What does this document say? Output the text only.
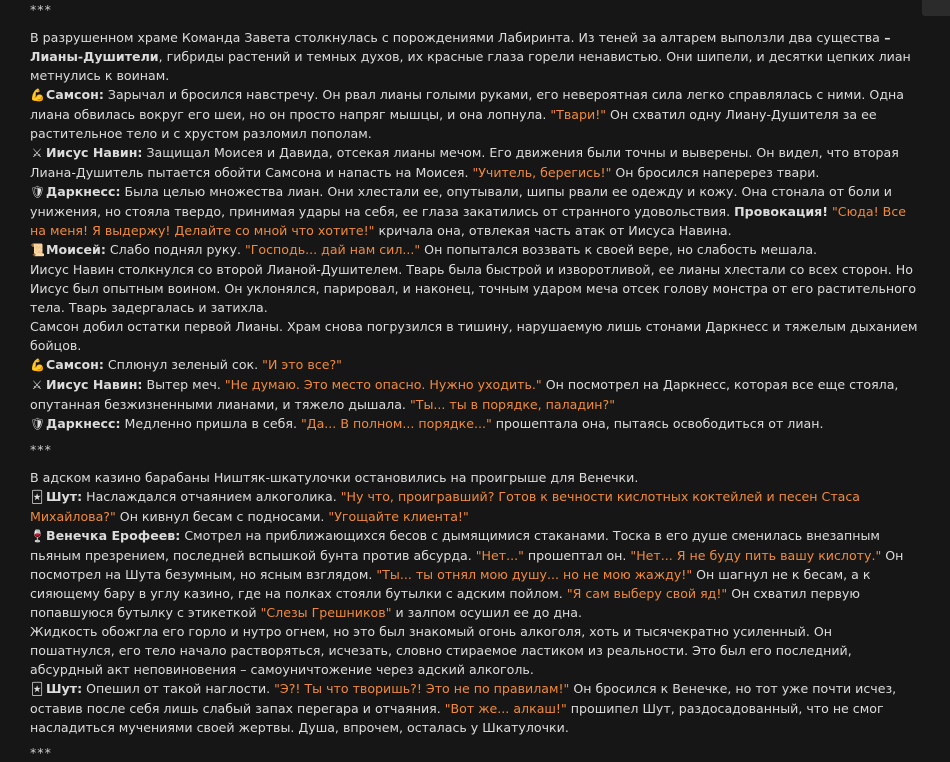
***

В разрушенном храме Команда Завета столкнулась с порождениями Лабиринта. Из теней за алтарем выползли два существа – Лианы-Душители, гибриды растений и темных духов, их красные глаза горели ненавистью. Они шипели, и десятки цепких лиан метнулись к воинам.

💪Самсон: Зарычал и бросился навстречу. Он рвал лианы голыми руками, его невероятная сила легко справлялась с ними. Одна лиана обвилась вокруг его шеи, но он просто напряг мышцы, и она лопнула. "Твари!" Он схватил одну Лиану-Душителя за ее растительное тело и с хрустом разломил пополам.

⚔ Иисус Навин: Защищал Моисея и Давида, отсекая лианы мечом. Его движения были точны и выверены. Он видел, что вторая Лиана-Душитель пытается обойти Самсона и напасть на Моисея. "Учитель, берегись!" Он бросился наперерез твари.

🛡Даркнесс: Была целью множества лиан. Они хлестали ее, опутывали, шипы рвали ее одежду и кожу. Она стонала от боли и унижения, но стояла твердо, принимая удары на себя, ее глаза закатились от странного удовольствия. Провокация! "Сюда! Все на меня! Я выдержу! Делайте со мной что хотите!" кричала она, отвлекая часть атак от Иисуса Навина.

📜Моисей: Слабо поднял руку. "Господь... дай нам сил..." Он попытался воззвать к своей вере, но слабость мешала.

Иисус Навин столкнулся со второй Лианой-Душителем. Тварь была быстрой и изворотливой, ее лианы хлестали со всех сторон. Но Иисус был опытным воином. Он уклонялся, парировал, и наконец, точным ударом меча отсек голову монстра от его растительного тела. Тварь задергалась и затихла.

Самсон добил остатки первой Лианы. Храм снова погрузился в тишину, нарушаемую лишь стонами Даркнесс и тяжелым дыханием бойцов.

💪Самсон: Сплюнул зеленый сок. "И это все?"

⚔ Иисус Навин: Вытер меч. "Не думаю. Это место опасно. Нужно уходить." Он посмотрел на Даркнесс, которая все еще стояла, опутанная безжизненными лианами, и тяжело дышала. "Ты... ты в порядке, паладин?"

🛡Даркнесс: Медленно пришла в себя. "Да... В полном... порядке..." прошептала она, пытаясь освободиться от лиан.

***

В адском казино барабаны Ништяк-шкатулочки остановились на проигрыше для Венечки.

🃏 Шут: Наслаждался отчаянием алкоголика. "Ну что, проигравший? Готов к вечности кислотных коктейлей и песен Стаса Михайлова?" Он кивнул бесам с подносами. "Угощайте клиента!"

🍷Венечка Ерофеев: Смотрел на приближающихся бесов с дымящимися стаканами. Тоска в его душе сменилась внезапным пьяным презрением, последней вспышкой бунта против абсурда. "Нет..." прошептал он. "Нет... Я не буду пить вашу кислоту." Он посмотрел на Шута безумным, но ясным взглядом. "Ты... ты отнял мою душу... но не мою жажду!" Он шагнул не к бесам, а к сияющему бару в углу казино, где на полках стояли бутылки с адским пойлом. "Я сам выберу свой яд!" Он схватил первую попавшуюся бутылку с этикеткой "Слезы Грешников" и залпом осушил ее до дна.

Жидкость обожгла его горло и нутро огнем, но это был знакомый огонь алкоголя, хоть и тысячекратно усиленный. Он пошатнулся, его тело начало растворяться, исчезать, словно стираемое ластиком из реальности. Это был его последний, абсурдный акт неповиновения – самоуничтожение через адский алкоголь.

🃏 Шут: Опешил от такой наглости. "Э?! Ты что творишь?! Это не по правилам!" Он бросился к Венечке, но тот уже почти исчез, оставив после себя лишь слабый запах перегара и отчаяния. "Вот же... алкаш!" прошипел Шут, раздосадованный, что не смог насладиться мучениями своей жертвы. Душа, впрочем, осталась у Шкатулочки.

***
